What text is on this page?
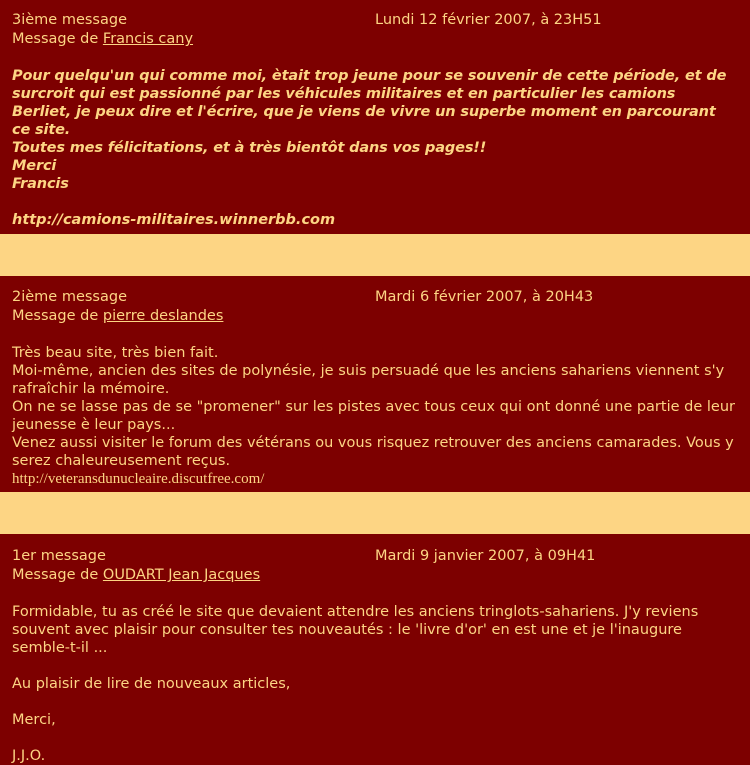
3ième message	Lundi 12 février 2007, à 23H51
Message de Francis cany
Pour quelqu'un qui comme moi, ètait trop jeune pour se souvenir de cette période, et de surcroit qui est passionné par les véhicules militaires et en particulier les camions Berliet, je peux dire et l'écrire, que je viens de vivre un superbe moment en parcourant ce site.
Toutes mes félicitations, et à très bientôt dans vos pages!!
Merci
Francis
http://camions-militaires.winnerbb.com
2ième message	Mardi 6 février 2007, à 20H43
Message de pierre deslandes
Très beau site, très bien fait.
Moi-même, ancien des sites de polynésie, je suis persuadé que les anciens sahariens viennent s'y rafraîchir la mémoire.
On ne se lasse pas de se "promener" sur les pistes avec tous ceux qui ont donné une partie de leur jeunesse è leur pays...
Venez aussi visiter le forum des vétérans ou vous risquez retrouver des anciens camarades. Vous y serez chaleureusement reçus.
http://veteransdunucleaire.discutfree.com/
1er message	Mardi 9 janvier 2007, à 09H41
Message de OUDART Jean Jacques
Formidable, tu as créé le site que devaient attendre les anciens tringlots-sahariens. J'y reviens souvent avec plaisir pour consulter tes nouveautés : le 'livre d'or' en est une et je l'inaugure semble-t-il ...
Au plaisir de lire de nouveaux articles,
Merci,
J.J.O.
